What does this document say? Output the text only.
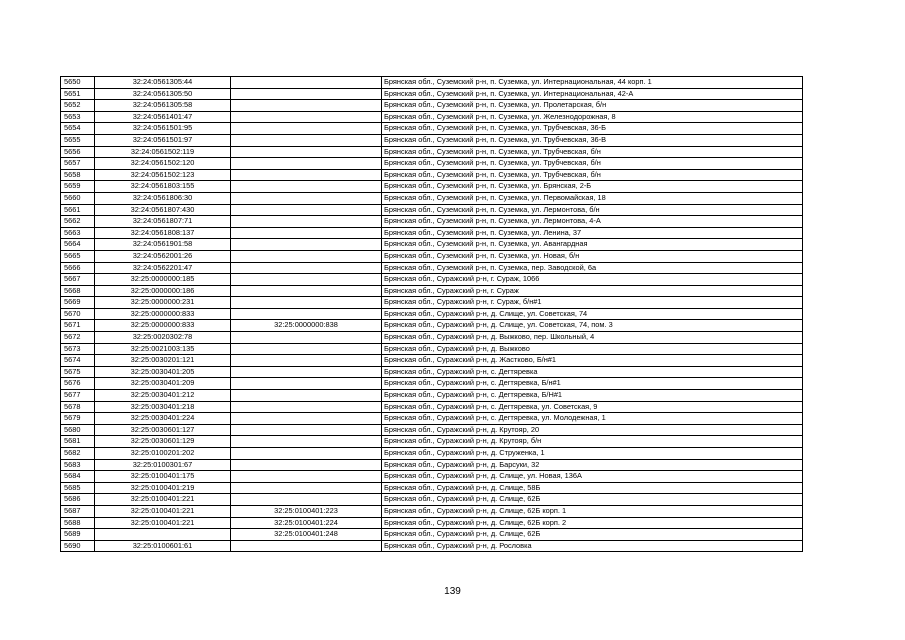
5650	32:24:0561305:44		Брянская обл., Суземский р-н, п. Суземка, ул. Интернациональная, 44 корп. 1
5651	32:24:0561305:50		Брянская обл., Суземский р-н, п. Суземка, ул. Интернациональная, 42-А
5652	32:24:0561305:58		Брянская обл., Суземский р-н, п. Суземка, ул. Пролетарская, б/н
5653	32:24:0561401:47		Брянская обл., Суземский р-н, п. Суземка, ул. Железнодорожная, 8
5654	32:24:0561501:95		Брянская обл., Суземский р-н, п. Суземка, ул. Трубчевская, 36-Б
5655	32:24:0561501:97		Брянская обл., Суземский р-н, п. Суземка, ул. Трубчевская, 36-В
5656	32:24:0561502:119		Брянская обл., Суземский р-н, п. Суземка, ул. Трубчевская, б/н
5657	32:24:0561502:120		Брянская обл., Суземский р-н, п. Суземка, ул. Трубчевская, б/н
5658	32:24:0561502:123		Брянская обл., Суземский р-н, п. Суземка, ул. Трубчевская, б/н
5659	32:24:0561803:155		Брянская обл., Суземский р-н, п. Суземка, ул. Брянская, 2-Б
5660	32:24:0561806:30		Брянская обл., Суземский р-н, п. Суземка, ул. Первомайская, 18
5661	32:24:0561807:430		Брянская обл., Суземский р-н, п. Суземка, ул. Лермонтова, б/н
5662	32:24:0561807:71		Брянская обл., Суземский р-н, п. Суземка, ул. Лермонтова, 4-А
5663	32:24:0561808:137		Брянская обл., Суземский р-н, п. Суземка, ул. Ленина, 37
5664	32:24:0561901:58		Брянская обл., Суземский р-н, п. Суземка, ул. Авангардная
5665	32:24:0562001:26		Брянская обл., Суземский р-н, п. Суземка, ул. Новая, б/н
5666	32:24:0562201:47		Брянская обл., Суземский р-н, п. Суземка, пер. Заводской, 6а
5667	32:25:0000000:185		Брянская обл., Суражский р-н, г. Сураж, 1066
5668	32:25:0000000:186		Брянская обл., Суражский р-н, г. Сураж
5669	32:25:0000000:231		Брянская обл., Суражский р-н, г. Сураж, б/н#1
5670	32:25:0000000:833		Брянская обл., Суражский р-н, д. Слище, ул. Советская, 74
5671	32:25:0000000:833	32:25:0000000:838	Брянская обл., Суражский р-н, д. Слище, ул. Советская, 74, пом. 3
5672	32:25:0020302:78		Брянская обл., Суражский р-н, д. Выжково, пер. Школьный, 4
5673	32:25:0021003:135		Брянская обл., Суражский р-н, д. Выжково
5674	32:25:0030201:121		Брянская обл., Суражский р-н, д. Жастково, Б/н#1
5675	32:25:0030401:205		Брянская обл., Суражский р-н, с. Дегтяревка
5676	32:25:0030401:209		Брянская обл., Суражский р-н, с. Дегтяревка, Б/н#1
5677	32:25:0030401:212		Брянская обл., Суражский р-н, с. Дегтяревка, Б/Н#1
5678	32:25:0030401:218		Брянская обл., Суражский р-н, с. Дегтяревка, ул. Советская, 9
5679	32:25:0030401:224		Брянская обл., Суражский р-н, с. Дегтяревка, ул. Молодежная, 1
5680	32:25:0030601:127		Брянская обл., Суражский р-н, д. Крутояр, 20
5681	32:25:0030601:129		Брянская обл., Суражский р-н, д. Крутояр, б/н
5682	32:25:0100201:202		Брянская обл., Суражский р-н, д. Струженка, 1
5683	32:25:0100301:67		Брянская обл., Суражский р-н, д. Барсуки, 32
5684	32:25:0100401:175		Брянская обл., Суражский р-н, д. Слище, ул. Новая, 136А
5685	32:25:0100401:219		Брянская обл., Суражский р-н, д. Слище, 58Б
5686	32:25:0100401:221		Брянская обл., Суражский р-н, д. Слище, 62Б
5687	32:25:0100401:221	32:25:0100401:223	Брянская обл., Суражский р-н, д. Слище, 62Б корп. 1
5688	32:25:0100401:221	32:25:0100401:224	Брянская обл., Суражский р-н, д. Слище, 62Б корп. 2
5689		32:25:0100401:248	Брянская обл., Суражский р-н, д. Слище, 62Б
5690	32:25:0100601:61		Брянская обл., Суражский р-н, д. Рословка
139
